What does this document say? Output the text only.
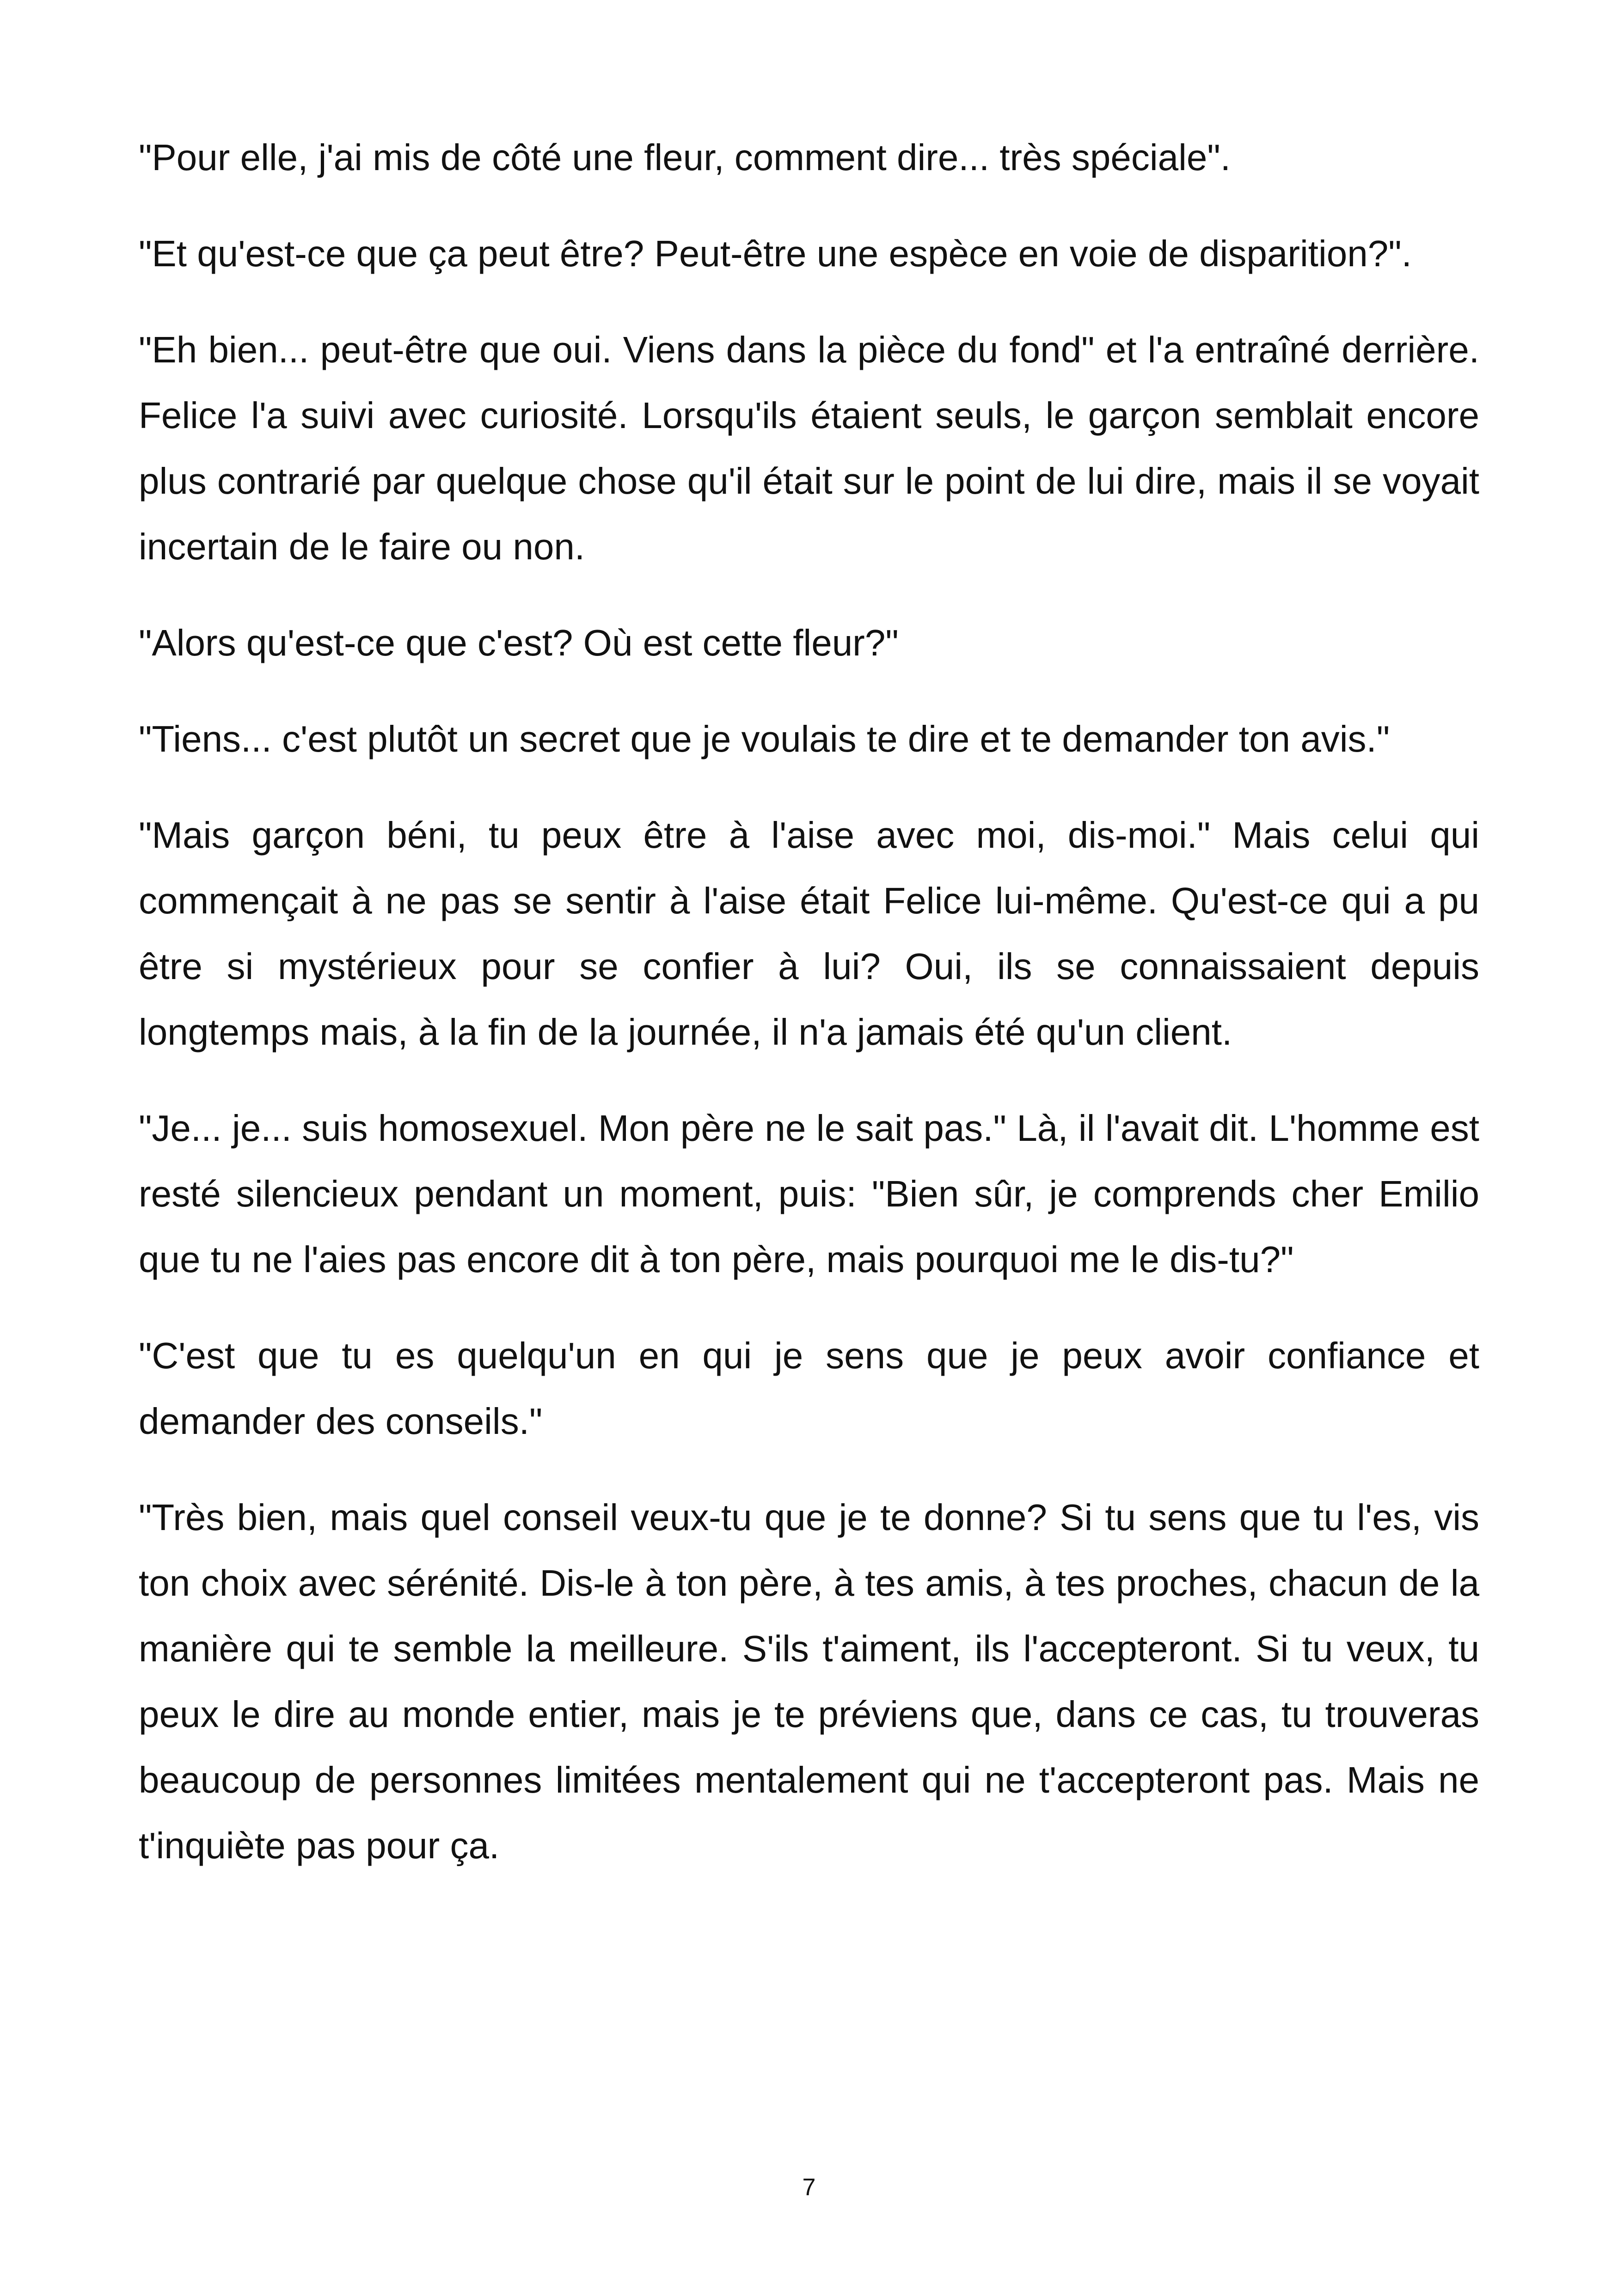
"Pour elle, j'ai mis de côté une fleur, comment dire... très spéciale".

"Et qu'est-ce que ça peut être? Peut-être une espèce en voie de disparition?".

"Eh bien... peut-être que oui. Viens dans la pièce du fond" et l'a entraîné derrière. Felice l'a suivi avec curiosité. Lorsqu'ils étaient seuls, le garçon semblait encore plus contrarié par quelque chose qu'il était sur le point de lui dire, mais il se voyait incertain de le faire ou non.

"Alors qu'est-ce que c'est? Où est cette fleur?"

"Tiens... c'est plutôt un secret que je voulais te dire et te demander ton avis."

"Mais garçon béni, tu peux être à l'aise avec moi, dis-moi." Mais celui qui commençait à ne pas se sentir à l'aise était Felice lui-même. Qu'est-ce qui a pu être si mystérieux pour se confier à lui? Oui, ils se connaissaient depuis longtemps mais, à la fin de la journée, il n'a jamais été qu'un client.

"Je... je... suis homosexuel. Mon père ne le sait pas." Là, il l'avait dit. L'homme est resté silencieux pendant un moment, puis: "Bien sûr, je comprends cher Emilio que tu ne l'aies pas encore dit à ton père, mais pourquoi me le dis-tu?"

"C'est que tu es quelqu'un en qui je sens que je peux avoir confiance et demander des conseils."

"Très bien, mais quel conseil veux-tu que je te donne? Si tu sens que tu l'es, vis ton choix avec sérénité. Dis-le à ton père, à tes amis, à tes proches, chacun de la manière qui te semble la meilleure. S'ils t'aiment, ils l'accepteront. Si tu veux, tu peux le dire au monde entier, mais je te préviens que, dans ce cas, tu trouveras beaucoup de personnes limitées mentalement qui ne t'accepteront pas. Mais ne t'inquiète pas pour ça.

7
